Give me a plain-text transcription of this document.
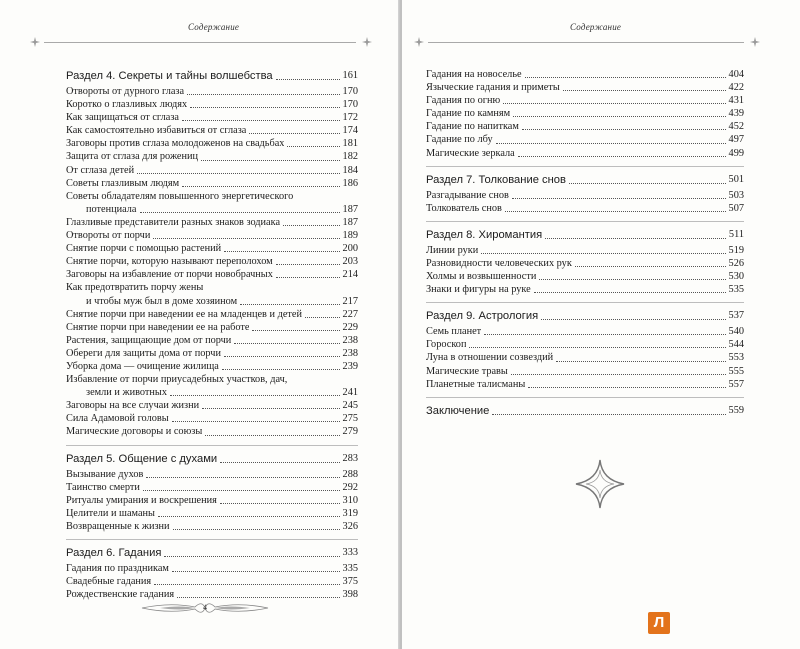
Содержание
Раздел 4. Секреты и тайны волшебства	161
Отвороты от дурного глаза	170
Коротко о глазливых людях	170
Как защищаться от сглаза	172
Как самостоятельно избавиться от сглаза	174
Заговоры против сглаза молодоженов на свадьбах	181
Защита от сглаза для рожениц	182
От сглаза детей	184
Советы глазливым людям	186
Советы обладателям повышенного энергетического
потенциала	187
Глазливые представители разных знаков зодиака	187
Отвороты от порчи	189
Снятие порчи с помощью растений	200
Снятие порчи, которую называют переполохом	203
Заговоры на избавление от порчи новобрачных	214
Как предотвратить порчу жены
и чтобы муж был в доме хозяином	217
Снятие порчи при наведении ее на младенцев и детей	227
Снятие порчи при наведении ее на работе	229
Растения, защищающие дом от порчи	238
Обереги для защиты дома от порчи	238
Уборка дома — очищение жилища	239
Избавление от порчи приусадебных участков, дач,
земли и животных	241
Заговоры на все случаи жизни	245
Сила Адамовой головы	275
Магические договоры и союзы	279
Раздел 5. Общение с духами	283
Вызывание духов	288
Таинство смерти	292
Ритуалы умирания и воскрешения	310
Целители и шаманы	319
Возвращенные к жизни	326
Раздел 6. Гадания	333
Гадания по праздникам	335
Свадебные гадания	375
Рождественские гадания	398
4
Содержание
Гадания на новоселье	404
Языческие гадания и приметы	422
Гадания по огню	431
Гадание по камням	439
Гадание по напиткам	452
Гадание по лбу	497
Магические зеркала	499
Раздел 7. Толкование снов	501
Разгадывание снов	503
Толкователь снов	507
Раздел 8. Хиромантия	511
Линии руки	519
Разновидности человеческих рук	526
Холмы и возвышенности	530
Знаки и фигуры на руке	535
Раздел 9. Астрология	537
Семь планет	540
Гороскоп	544
Луна в отношении созвездий	553
Магические травы	555
Планетные талисманы	557
Заключение	559
Л
